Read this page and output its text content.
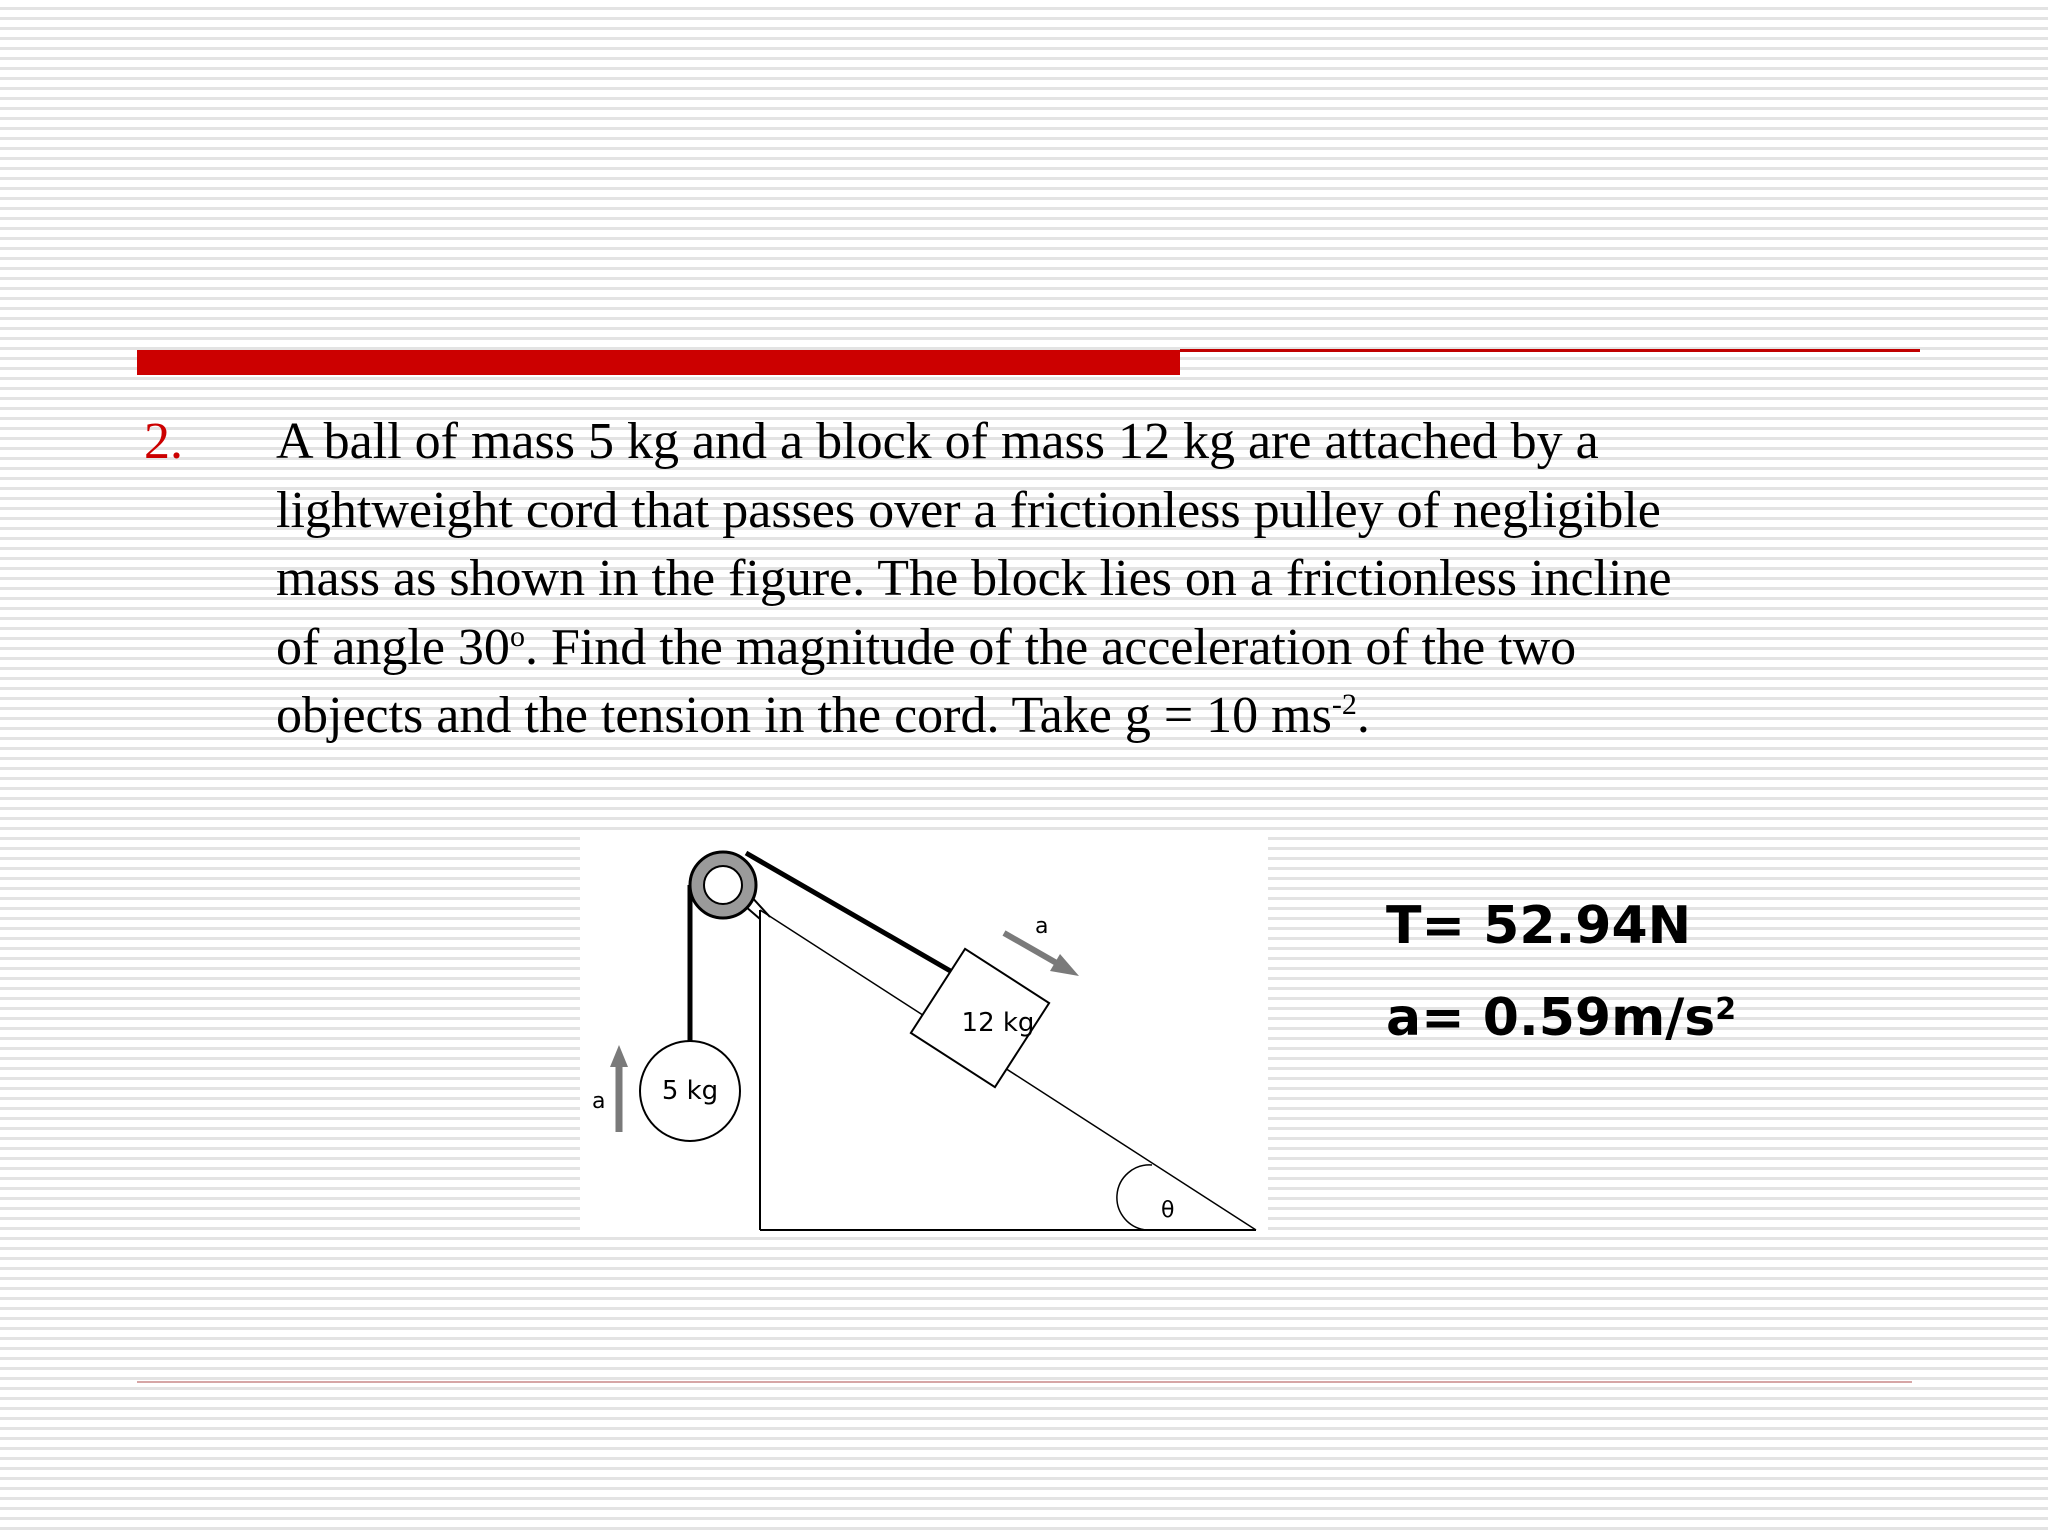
2. A ball of mass 5 kg and a block of mass 12 kg are attached by a
lightweight cord that passes over a frictionless pulley of negligible
mass as shown in the figure. The block lies on a frictionless incline
of angle 30$^o$. Find the magnitude of the acceleration of the two
objects and the tension in the cord. Take g = 10 $ms^{-2}$.
θ
5 kg
a
12 kg
a	T= 52.94N
$a= 0.59m/s^2$
